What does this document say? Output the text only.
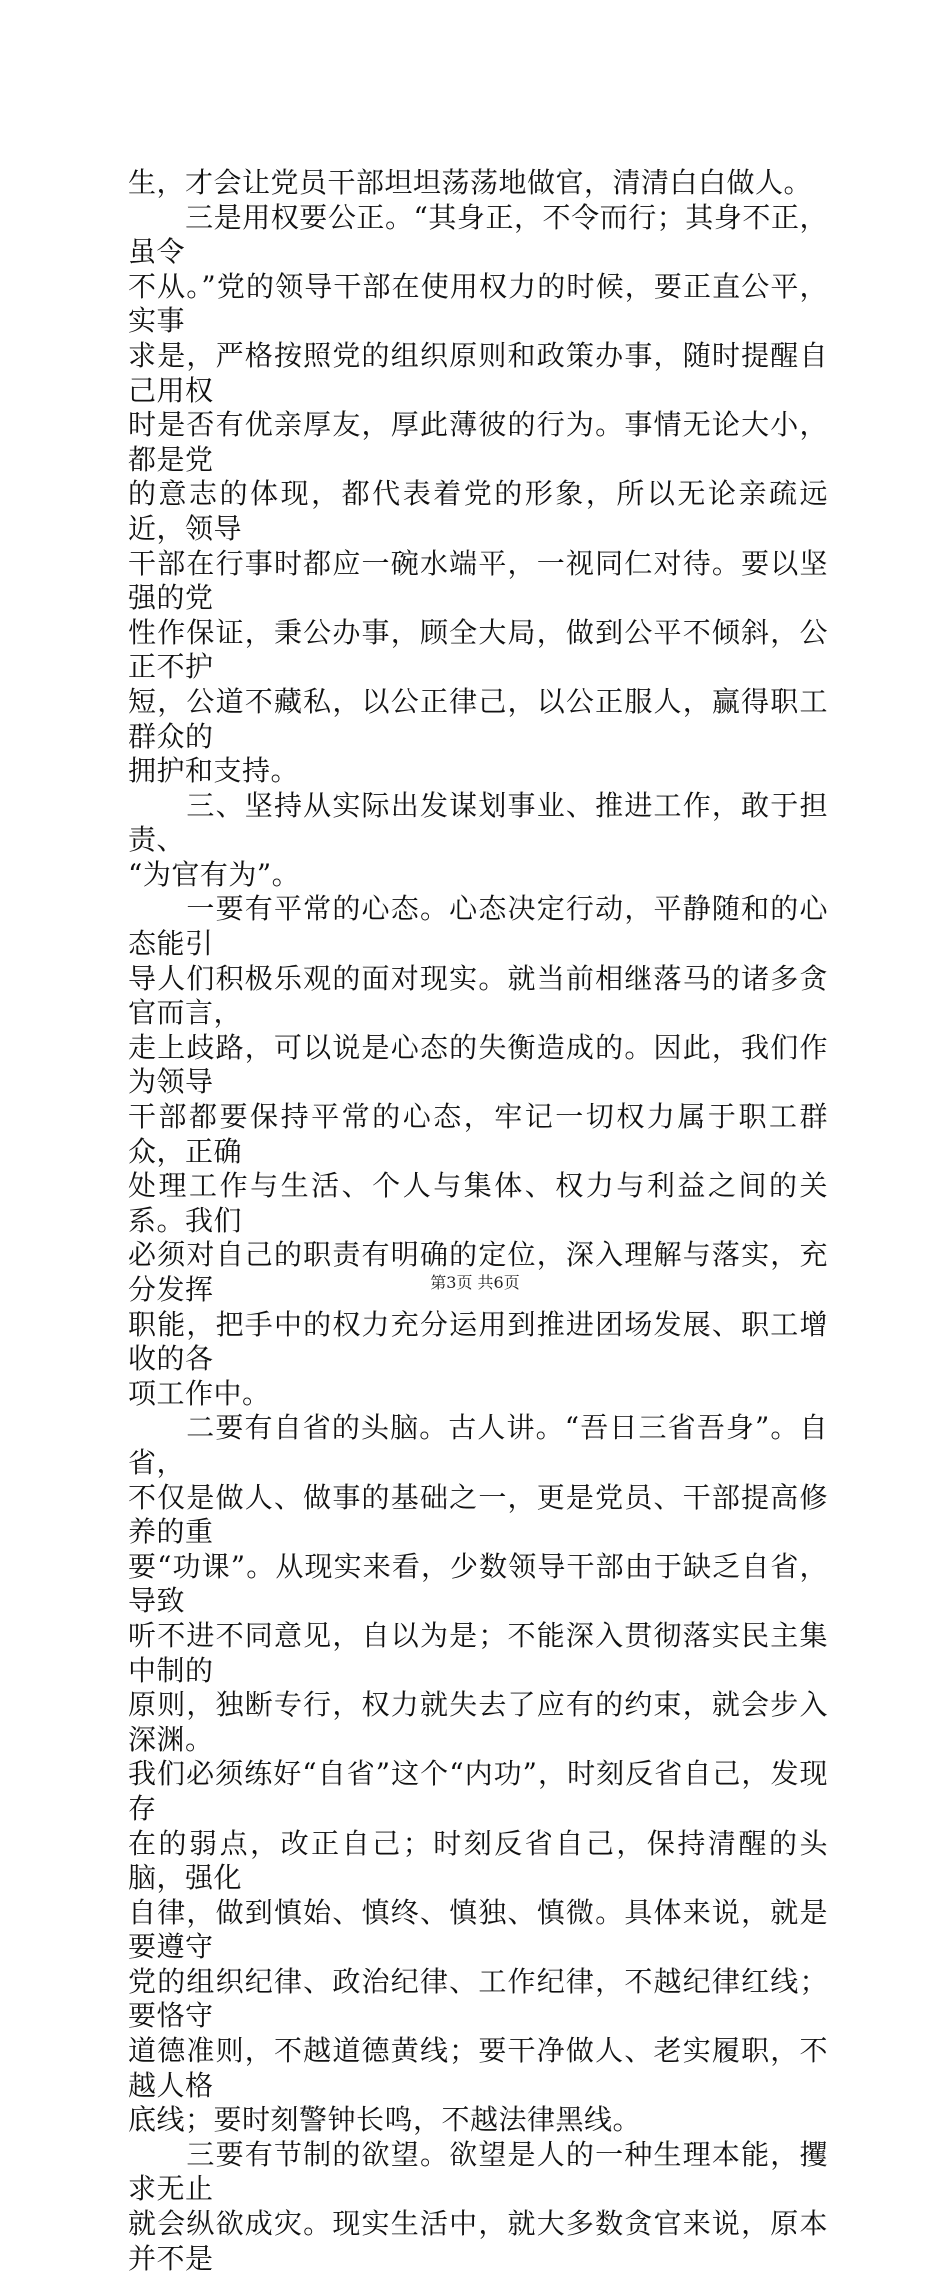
生，才会让党员干部坦坦荡荡地做官，清清白白做人。

　　三是用权要公正。“其身正，不令而行；其身不正，虽令

不从。”党的领导干部在使用权力的时候，要正直公平，实事

求是，严格按照党的组织原则和政策办事，随时提醒自己用权

时是否有优亲厚友，厚此薄彼的行为。事情无论大小，都是党

的意志的体现，都代表着党的形象，所以无论亲疏远近，领导

干部在行事时都应一碗水端平，一视同仁对待。要以坚强的党

性作保证，秉公办事，顾全大局，做到公平不倾斜，公正不护

短，公道不藏私，以公正律己，以公正服人，赢得职工群众的

拥护和支持。

　　三、坚持从实际出发谋划事业、推进工作，敢于担责、

“为官有为”。

　　一要有平常的心态。心态决定行动，平静随和的心态能引

导人们积极乐观的面对现实。就当前相继落马的诸多贪官而言，

走上歧路，可以说是心态的失衡造成的。因此，我们作为领导

干部都要保持平常的心态，牢记一切权力属于职工群众，正确

处理工作与生活、个人与集体、权力与利益之间的关系。我们

必须对自己的职责有明确的定位，深入理解与落实，充分发挥

职能，把手中的权力充分运用到推进团场发展、职工增收的各

项工作中。

　　二要有自省的头脑。古人讲。“吾日三省吾身”。自省，

不仅是做人、做事的基础之一，更是党员、干部提高修养的重

要“功课”。从现实来看，少数领导干部由于缺乏自省，导致

听不进不同意见，自以为是；不能深入贯彻落实民主集中制的

原则，独断专行，权力就失去了应有的约束，就会步入深渊。

我们必须练好“自省”这个“内功”，时刻反省自己，发现存

在的弱点，改正自己；时刻反省自己，保持清醒的头脑，强化

自律，做到慎始、慎终、慎独、慎微。具体来说，就是要遵守

党的组织纪律、政治纪律、工作纪律，不越纪律红线；要恪守

道德准则，不越道德黄线；要干净做人、老实履职，不越人格

底线；要时刻警钟长鸣，不越法律黑线。

　　三要有节制的欲望。欲望是人的一种生理本能，攫求无止

就会纵欲成灾。现实生活中，就大多数贪官来说，原本并不是

第3页 共6页
